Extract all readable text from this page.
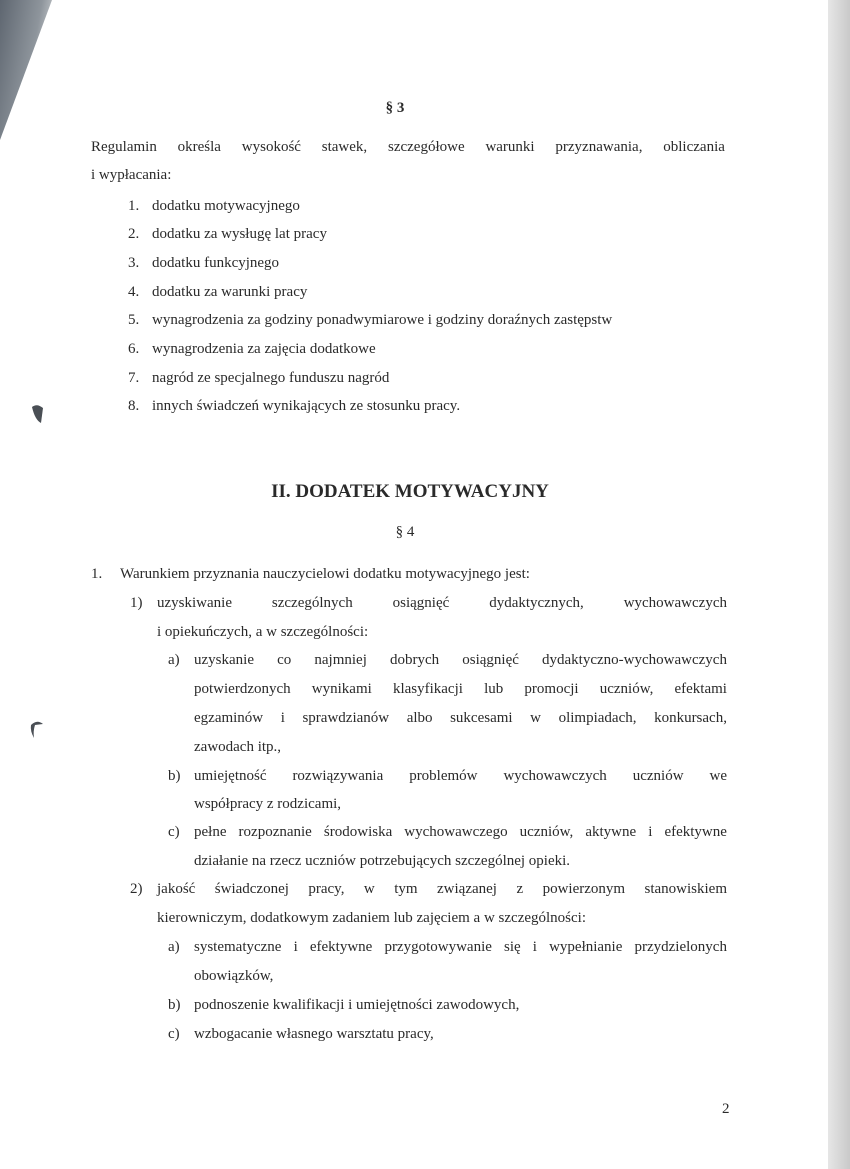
§ 3
Regulamin określa wysokość stawek, szczegółowe warunki przyznawania, obliczania
i wypłacania:
1. dodatku motywacyjnego
2. dodatku za wysługę lat pracy
3. dodatku funkcyjnego
4. dodatku za warunki pracy
5. wynagrodzenia za godziny ponadwymiarowe i godziny doraźnych zastępstw
6. wynagrodzenia za zajęcia dodatkowe
7. nagród ze specjalnego funduszu nagród
8. innych świadczeń wynikających ze stosunku pracy.
II. DODATEK MOTYWACYJNY
§ 4
1. Warunkiem przyznania nauczycielowi dodatku motywacyjnego jest:
1) uzyskiwanie	szczególnych	osiągnięć	dydaktycznych,	wychowawczych
i opiekuńczych, a w szczególności:
a) uzyskanie co najmniej dobrych osiągnięć dydaktyczno-wychowawczych
potwierdzonych wynikami klasyfikacji lub promocji uczniów, efektami
egzaminów i sprawdzianów albo sukcesami w olimpiadach, konkursach,
zawodach itp.,
b) umiejętność rozwiązywania problemów wychowawczych uczniów we
współpracy z rodzicami,
c) pełne rozpoznanie środowiska wychowawczego uczniów, aktywne i efektywne
działanie na rzecz uczniów potrzebujących szczególnej opieki.
2) jakość świadczonej pracy, w tym związanej z powierzonym stanowiskiem
kierowniczym, dodatkowym zadaniem lub zajęciem a w szczególności:
a) systematyczne i efektywne przygotowywanie się i wypełnianie przydzielonych
obowiązków,
b) podnoszenie kwalifikacji i umiejętności zawodowych,
c) wzbogacanie własnego warsztatu pracy,
2
